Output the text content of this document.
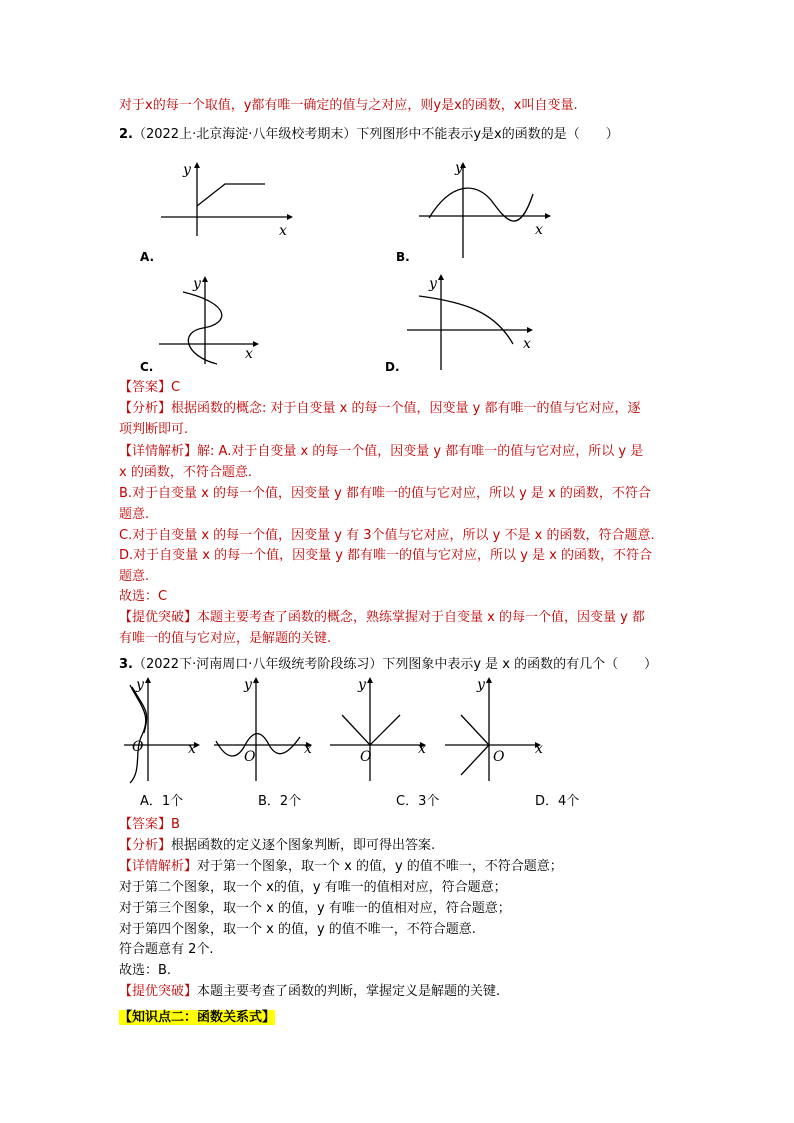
对于x的每一个取值，y都有唯一确定的值与之对应，则y是x的函数，x叫自变量.
2.（2022上·北京海淀·八年级校考期末）下列图形中不能表示y是x的函数的是（　　）
y
x
A.
y
x
B.
y
x
C.
y
x
D.
【答案】C
【分析】根据函数的概念: 对于自变量 x 的每一个值，因变量 y 都有唯一的值与它对应，逐
项判断即可.
【详情解析】解: A.对于自变量 x 的每一个值，因变量 y 都有唯一的值与它对应，所以 y 是
x 的函数，不符合题意.
B.对于自变量 x 的每一个值，因变量 y 都有唯一的值与它对应，所以 y 是 x 的函数，不符合
题意.
C.对于自变量 x 的每一个值，因变量 y 有 3个值与它对应，所以 y 不是 x 的函数，符合题意.
D.对于自变量 x 的每一个值，因变量 y 都有唯一的值与它对应，所以 y 是 x 的函数，不符合
题意.
故选：C
【提优突破】本题主要考查了函数的概念，熟练掌握对于自变量 x 的每一个值，因变量 y 都
有唯一的值与它对应，是解题的关键.
3.（2022下·河南周口·八年级统考阶段练习）下列图象中表示y 是 x 的函数的有几个（　　）
y
O	x
y
O	x
y
O	x
y
O x
A．1个	B．2个	C．3个	D．4个
【答案】B
【分析】根据函数的定义逐个图象判断，即可得出答案.
【详情解析】对于第一个图象，取一个 x 的值，y 的值不唯一，不符合题意；
对于第二个图象，取一个 x的值，y 有唯一的值相对应，符合题意；
对于第三个图象，取一个 x 的值，y 有唯一的值相对应，符合题意；
对于第四个图象，取一个 x 的值，y 的值不唯一，不符合题意.
符合题意有 2个.
故选：B.
【提优突破】本题主要考查了函数的判断，掌握定义是解题的关键.
【知识点二：函数关系式】
